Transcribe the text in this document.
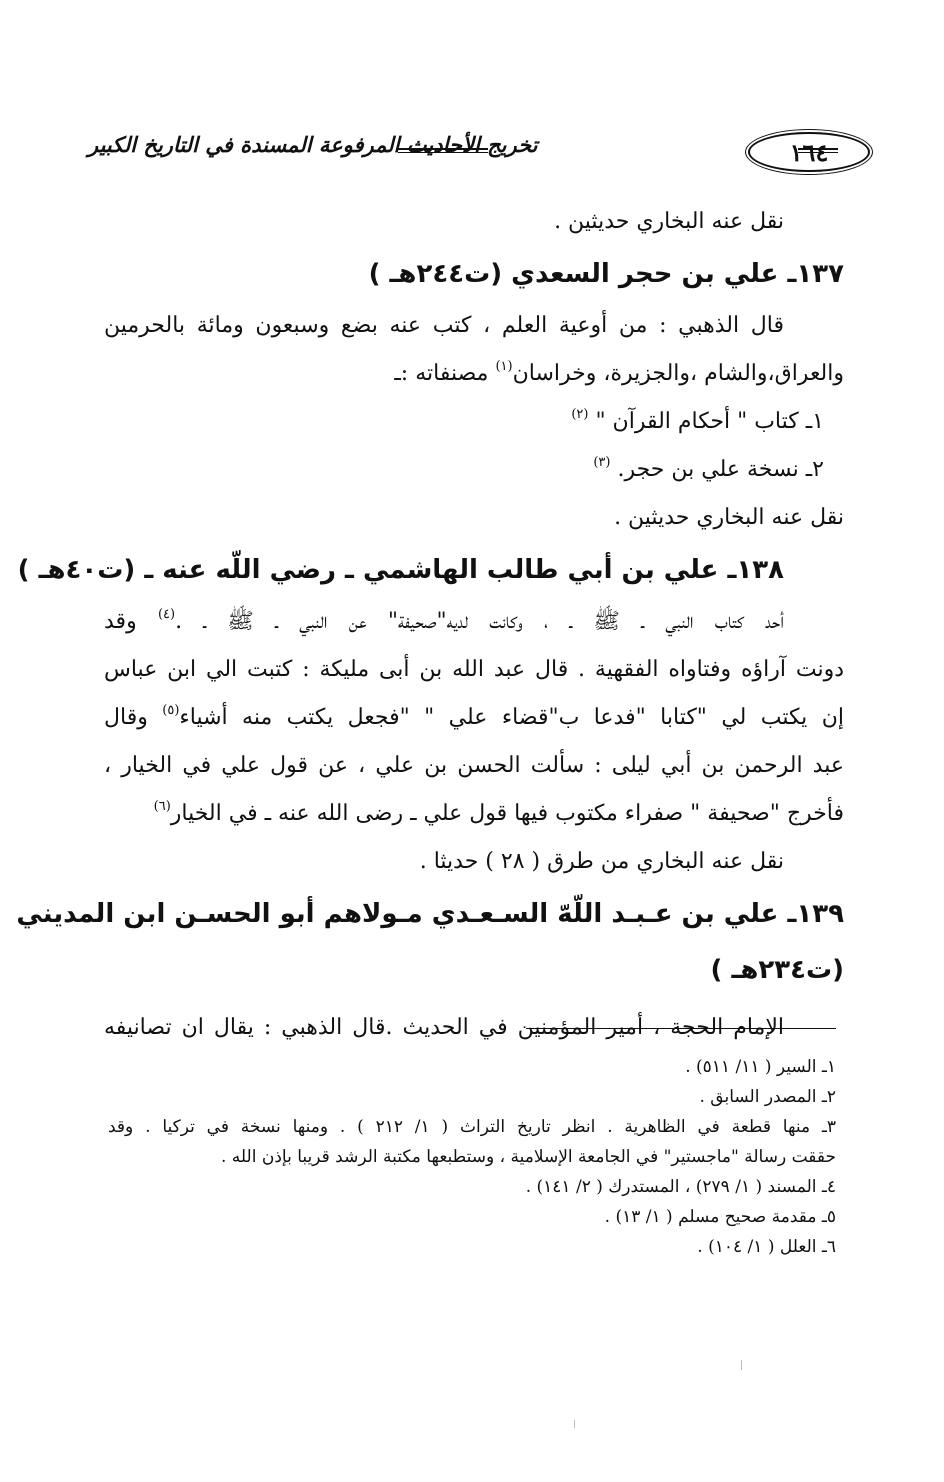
١٦٤
تخريج الأحاديث المرفوعة المسندة في التاريخ الكبير
نقل عنه البخاري حديثين .
١٣٧ـ علي بن حجر السعدي (ت٢٤٤هـ )
قال الذهبي : من أوعية العلم ، كتب عنه بضع وسبعون ومائة بالحرمين
والعراق،والشام ،والجزيرة، وخراسان$^{(١)}$ مصنفاته :ـ
١ـ كتاب " أحكام القرآن " $^{(٢)}$
٢ـ نسخة علي بن حجر. $^{(٣)}$
نقل عنه البخاري حديثين .
١٣٨ـ علي بن أبي طالب الهاشمي ـ رضي اللّه عنه ـ (ت٤٠هـ )
أحد كتاب النبي ـ ﷺ ـ ، وكانت لديه"صحيفة" عن النبي ـ ﷺ ـ .$^{(٤)}$ وقد
دونت آراؤه وفتاواه الفقهية . قال عبد الله بن أبى مليكة : كتبت الي ابن عباس
إن يكتب لي "كتابا "فدعا ب"قضاء علي " "فجعل يكتب منه أشياء$^{(٥)}$ وقال
عبد الرحمن بن أبي ليلى : سألت الحسن بن علي ، عن قول علي في الخيار ،
فأخرج "صحيفة " صفراء مكتوب فيها قول علي ـ رضى الله عنه ـ في الخيار$^{(٦)}$
نقل عنه البخاري من طرق ( ٢٨ ) حديثا .
١٣٩ـ علي بن عـبـد اللّهّ السـعـدي مـولاهم أبو الحسـن ابن المديني
(ت٢٣٤هـ )
الإمام الحجة ، أمير المؤمنين في الحديث .قال الذهبي : يقال ان تصانيفه
١ـ السير ( ١١/ ٥١١) .
٢ـ المصدر السابق .
٣ـ منها قطعة في الظاهرية . انظر تاريخ التراث ( ١/ ٢١٢ ) . ومنها نسخة في تركيا . وقد
حققت رسالة "ماجستير" في الجامعة الإسلامية ، وستطبعها مكتبة الرشد قريبا بإذن الله .
٤ـ المسند ( ١/ ٢٧٩) ، المستدرك ( ٢/ ١٤١) .
٥ـ مقدمة صحيح مسلم ( ١/ ١٣) .
٦ـ العلل ( ١/ ١٠٤) .
